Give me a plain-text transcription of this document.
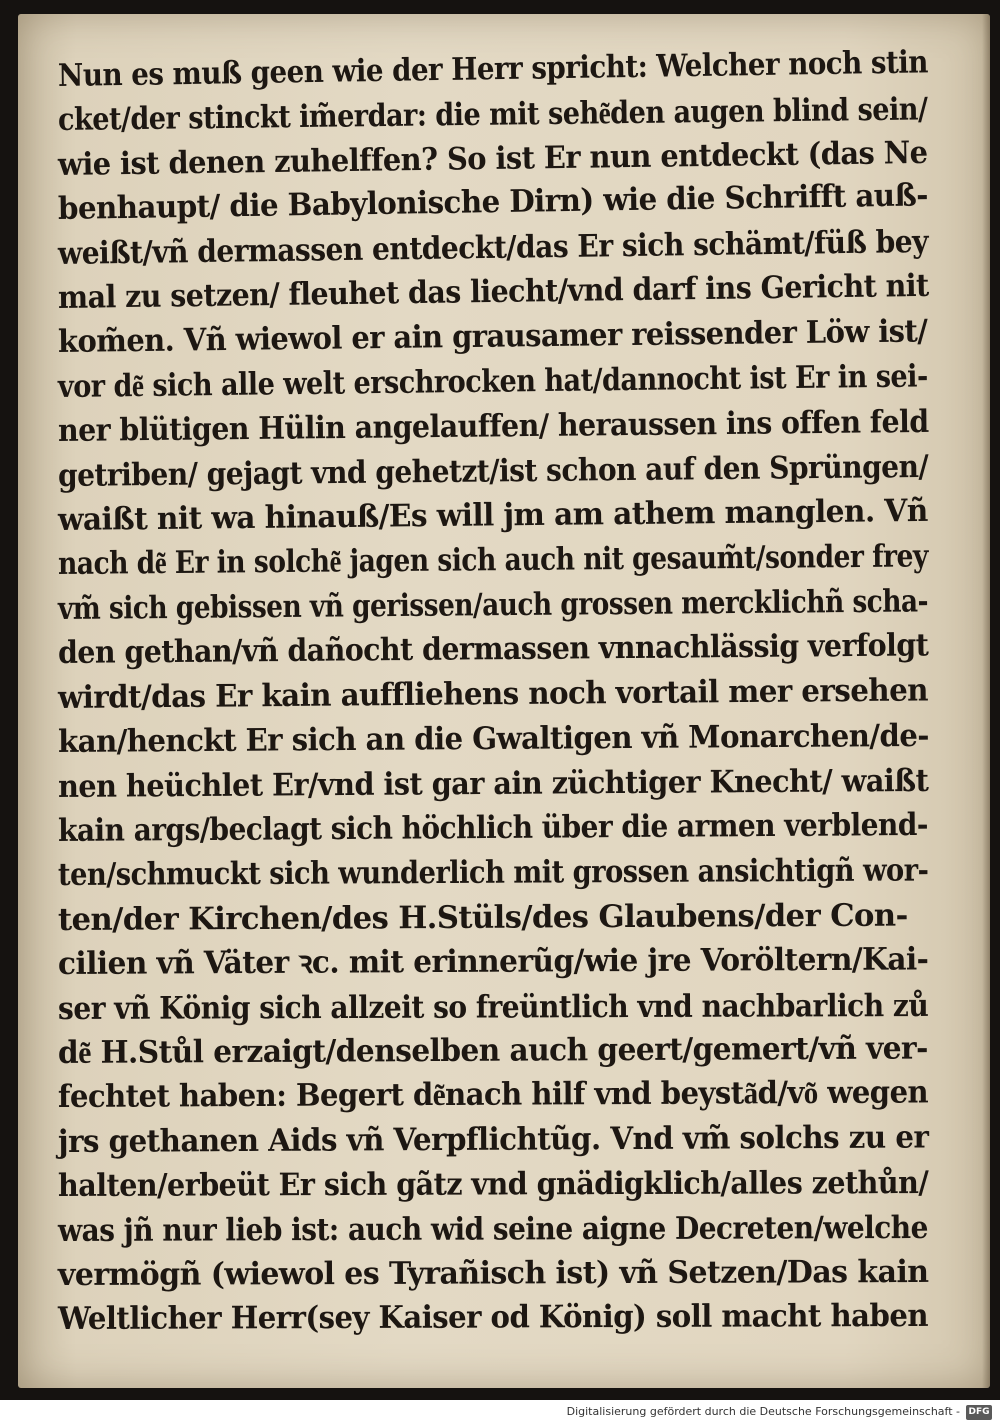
Nun es muß geen wie der Herr spricht: Welcher noch stin
cket/der stinckt im̃erdar: die mit sehe͂den augen blind sein/
wie ist denen zuhelffen? So ist Er nun entdeckt (das Ne
benhaupt/ die Babylonische Dirn) wie die Schrifft auß-
weißt/vñ dermassen entdeckt/das Er sich schämt/füß bey
mal zu setzen/ fleuhet das liecht/vnd darf ins Gericht nit
kom̃en. Vñ wiewol er ain grausamer reissender Löw ist/
vor de͂ sich alle welt erschrocken hat/dannocht ist Er in sei-
ner blütigen Hülin angelauffen/ heraussen ins offen feld
getriben/ gejagt vnd gehetzt/ist schon auf den Sprüngen/
waißt nit wa hinauß/Es will jm am athem manglen. Vñ
nach de͂ Er in solche͂ jagen sich auch nit gesaum̃t/sonder frey
vm̃ sich gebissen vñ gerissen/auch grossen mercklichñ scha-
den gethan/vñ dañocht dermassen vnnachlässig verfolgt
wirdt/das Er kain auffliehens noch vortail mer ersehen
kan/henckt Er sich an die Gwaltigen vñ Monarchen/de-
nen heüchlet Er/vnd ist gar ain züchtiger Knecht/ waißt
kain args/beclagt sich höchlich über die armen verblend-
ten/schmuckt sich wunderlich mit grossen ansichtigñ wor-
ten/der Kirchen/des H.Stüls/des Glaubens/der Con-
cilien vñ Väter ꝛc. mit erinnerũg/wie jre Voröltern/Kai-
ser vñ König sich allzeit so freüntlich vnd nachbarlich zů
de͂ H.Stůl erzaigt/denselben auch geert/gemert/vñ ver-
fechtet haben: Begert de͂nach hilf vnd beysta͂d/vo͂ wegen
jrs gethanen Aids vñ Verpflichtũg. Vnd vm̃ solchs zu er
halten/erbeüt Er sich gãtz vnd gnädigklich/alles zethůn/
was jñ nur lieb ist: auch wid seine aigne Decreten/welche
vermögñ (wiewol es Tyrañisch ist) vñ Setzen/Das kain
Weltlicher Herr(sey Kaiser od König) soll macht haben
Digitalisierung gefördert durch die Deutsche Forschungsgemeinschaft - DFG
